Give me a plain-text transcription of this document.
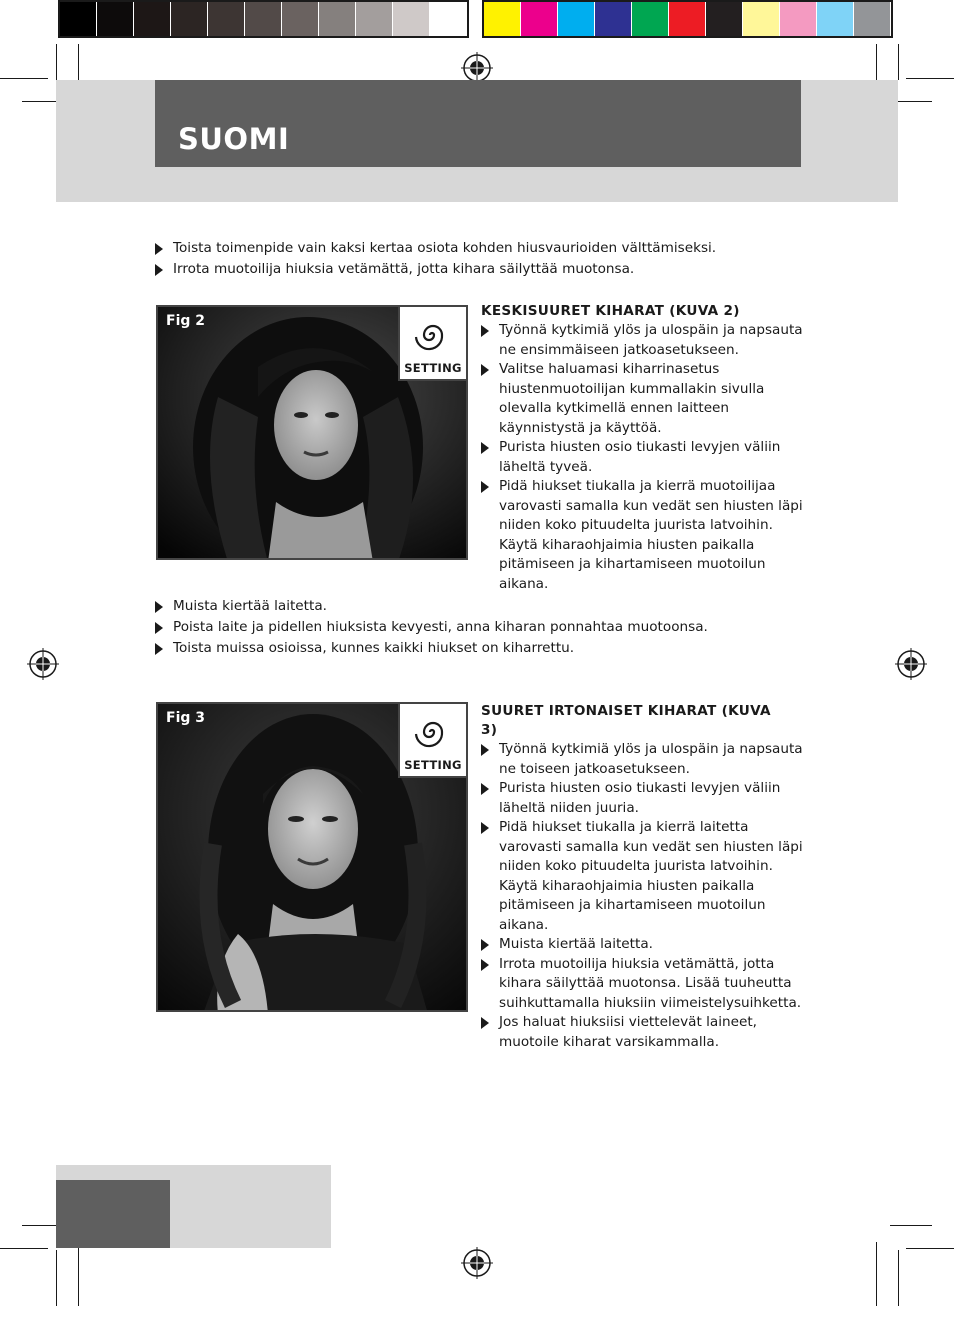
SUOMI
Toista toimenpide vain kaksi kertaa osiota kohden hiusvaurioiden välttämiseksi.
Irrota muotoilija hiuksia vetämättä, jotta kihara säilyttää muotonsa.
Fig 2
SETTING
KESKISUURET KIHARAT (KUVA 2)
Työnnä kytkimiä ylös ja ulospäin ja napsauta ne ensimmäiseen jatkoasetukseen.
Valitse haluamasi kiharrinasetus hiustenmuotoilijan kummallakin sivulla olevalla kytkimellä ennen laitteen käynnistystä ja käyttöä.
Purista hiusten osio tiukasti levyjen väliin läheltä tyveä.
Pidä hiukset tiukalla ja kierrä muotoilijaa varovasti samalla kun vedät sen hiusten läpi niiden koko pituudelta juurista latvoihin. Käytä kiharaohjaimia hiusten paikalla pitämiseen ja kihartamiseen muotoilun aikana.
Muista kiertää laitetta.
Poista laite ja pidellen hiuksista kevyesti, anna kiharan ponnahtaa muotoonsa.
Toista muissa osioissa, kunnes kaikki hiukset on kiharrettu.
Fig 3
SETTING
SUURET IRTONAISET KIHARAT (KUVA 3)
Työnnä kytkimiä ylös ja ulospäin ja napsauta ne toiseen jatkoasetukseen.
Purista hiusten osio tiukasti levyjen väliin läheltä niiden juuria.
Pidä hiukset tiukalla ja kierrä laitetta varovasti samalla kun vedät sen hiusten läpi niiden koko pituudelta juurista latvoihin. Käytä kiharaohjaimia hiusten paikalla pitämiseen ja kihartamiseen muotoilun aikana.
Muista kiertää laitetta.
Irrota muotoilija hiuksia vetämättä, jotta kihara säilyttää muotonsa. Lisää tuuheutta suihkuttamalla hiuksiin viimeistelysuihketta.
Jos haluat hiuksiisi viettelevät laineet, muotoile kiharat varsikammalla.
